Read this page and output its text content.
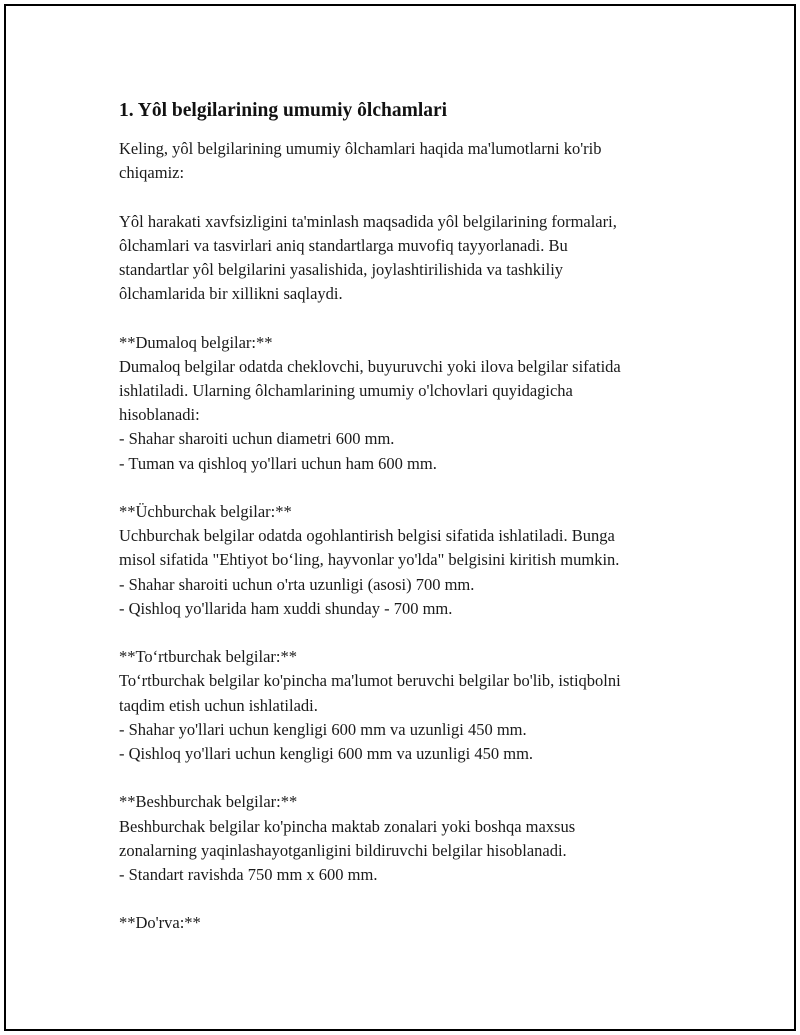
1. Yôl belgilarining umumiy ôlchamlari
Keling, yôl belgilarining umumiy ôlchamlari haqida ma'lumotlarni ko'rib
chiqamiz:
Yôl harakati xavfsizligini ta'minlash maqsadida yôl belgilarining formalari,
ôlchamlari va tasvirlari aniq standartlarga muvofiq tayyorlanadi. Bu
standartlar yôl belgilarini yasalishida, joylashtirilishida va tashkiliy
ôlchamlarida bir xillikni saqlaydi.
**Dumaloq belgilar:**
Dumaloq belgilar odatda cheklovchi, buyuruvchi yoki ilova belgilar sifatida
ishlatiladi. Ularning ôlchamlarining umumiy o'lchovlari quyidagicha
hisoblanadi:
- Shahar sharoiti uchun diametri 600 mm.
- Tuman va qishloq yo'llari uchun ham 600 mm.
**Üchburchak belgilar:**
Uchburchak belgilar odatda ogohlantirish belgisi sifatida ishlatiladi. Bunga
misol sifatida "Ehtiyot bo‘ling, hayvonlar yo'lda" belgisini kiritish mumkin.
- Shahar sharoiti uchun o'rta uzunligi (asosi) 700 mm.
- Qishloq yo'llarida ham xuddi shunday - 700 mm.
**To‘rtburchak belgilar:**
To‘rtburchak belgilar ko'pincha ma'lumot beruvchi belgilar bo'lib, istiqbolni
taqdim etish uchun ishlatiladi.
- Shahar yo'llari uchun kengligi 600 mm va uzunligi 450 mm.
- Qishloq yo'llari uchun kengligi 600 mm va uzunligi 450 mm.
**Beshburchak belgilar:**
Beshburchak belgilar ko'pincha maktab zonalari yoki boshqa maxsus
zonalarning yaqinlashayotganligini bildiruvchi belgilar hisoblanadi.
- Standart ravishda 750 mm x 600 mm.
**Do'rva:**
